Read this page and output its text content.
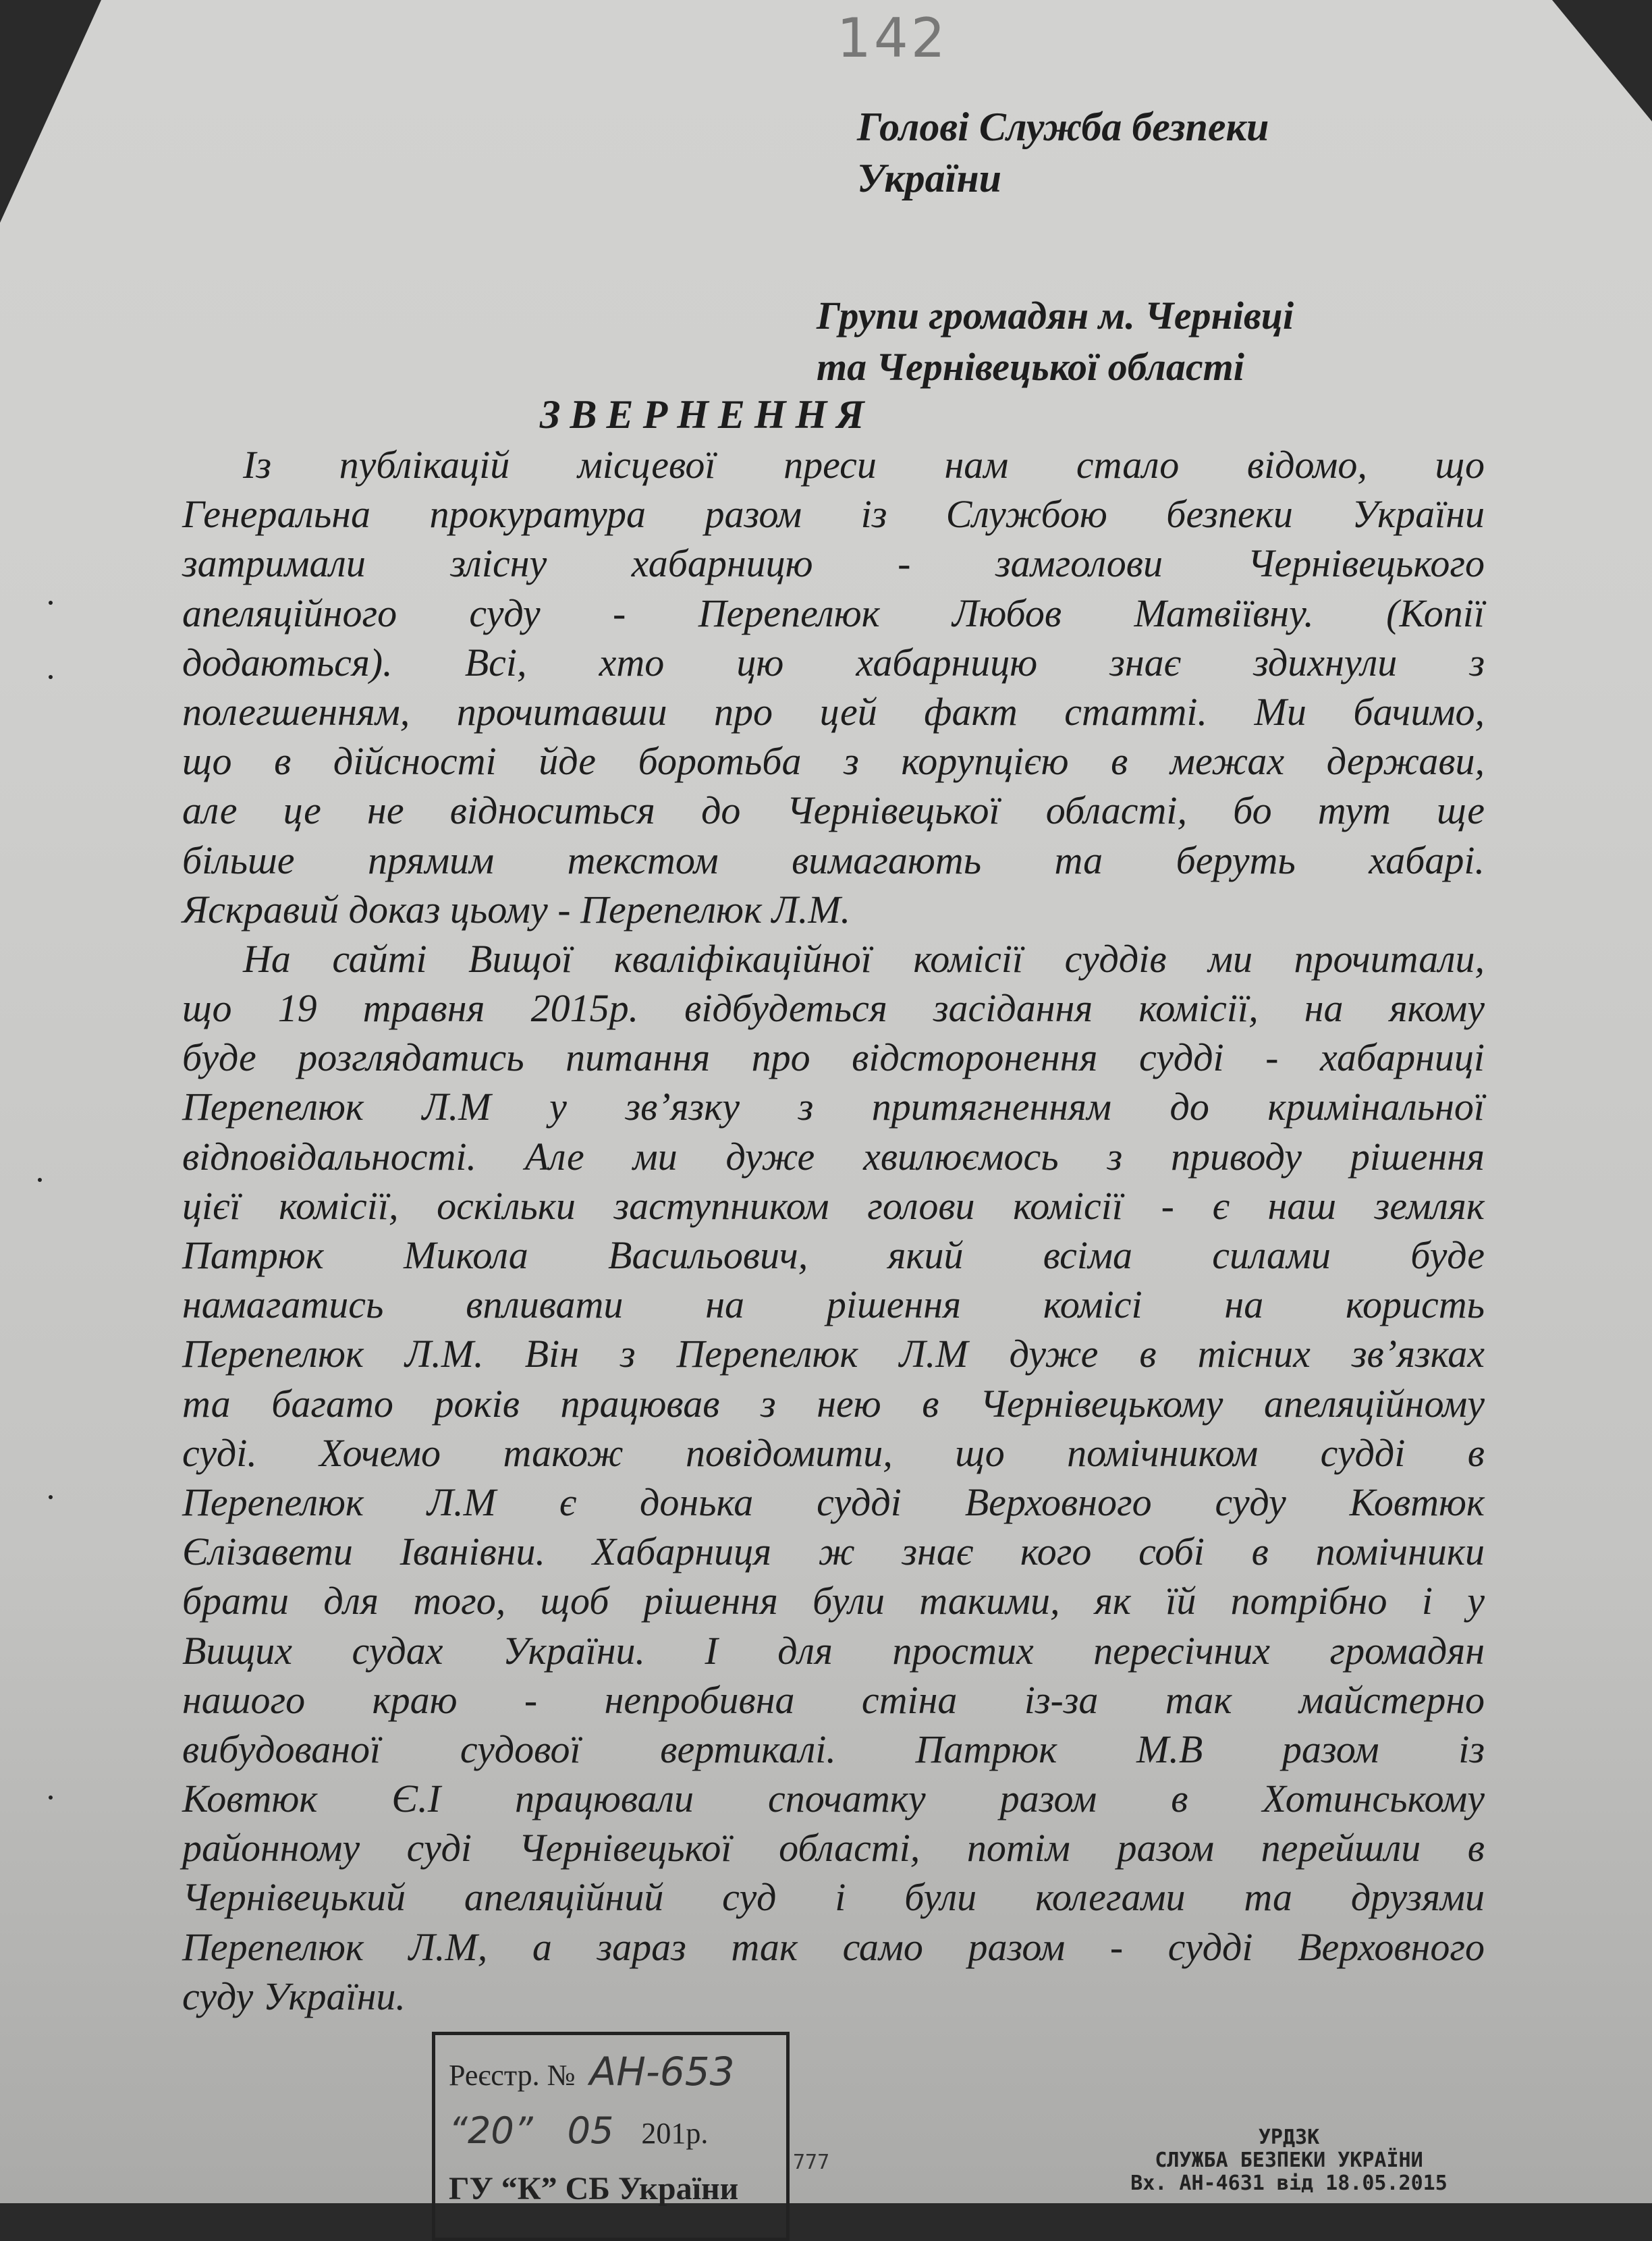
142
Голові Служба безпеки
України
Групи громадян м. Чернівці
та Чернівецької області
ЗВЕРНЕННЯ
Із публікацій місцевої преси нам стало відомо, що
Генеральна прокуратура разом із Службою безпеки України
затримали злісну хабарницю - замголови Чернівецького
апеляційного суду - Перепелюк Любов Матвіївну. (Копії
додаються). Всі, хто цю хабарницю знає здихнули з
полегшенням, прочитавши про цей факт статті. Ми бачимо,
що в дійсності йде боротьба з корупцією в межах держави,
але це не відноситься до Чернівецької області, бо тут ще
більше прямим текстом вимагають та беруть хабарі.
Яскравий доказ цьому - Перепелюк Л.М.
На сайті Вищої кваліфікаційної комісії суддів ми прочитали,
що 19 травня 2015р. відбудеться засідання комісії, на якому
буде розглядатись питання про відсторонення судді - хабарниці
Перепелюк Л.М у зв’язку з притягненням до кримінальної
відповідальності. Але ми дуже хвилюємось з приводу рішення
цієї комісії, оскільки заступником голови комісії - є наш земляк
Патрюк Микола Васильович, який всіма силами буде
намагатись впливати на рішення комісі на користь
Перепелюк Л.М. Він з Перепелюк Л.М дуже в тісних зв’язках
та багато років працював з нею в Чернівецькому апеляційному
суді. Хочемо також повідомити, що помічником судді в
Перепелюк Л.М є донька судді Верховного суду Ковтюк
Єлізавети Іванівни. Хабарниця ж знає кого собі в помічники
брати для того, щоб рішення були такими, як їй потрібно і у
Вищих судах України. І для простих пересічних громадян
нашого краю - непробивна стіна із-за так майстерно
вибудованої судової вертикалі. Патрюк М.В разом із
Ковтюк Є.І працювали спочатку разом в Хотинському
районному суді Чернівецької області, потім разом перейшли в
Чернівецький апеляційний суд і були колегами та друзями
Перепелюк Л.М, а зараз так само разом - судді Верховного
суду України.
Реєстр. № АН-653
“20” 05 201р.
ГУ “К” СБ України
777
УРДЗК
СЛУЖБА БЕЗПЕКИ УКРАЇНИ
Вх. АН-4631 від 18.05.2015
